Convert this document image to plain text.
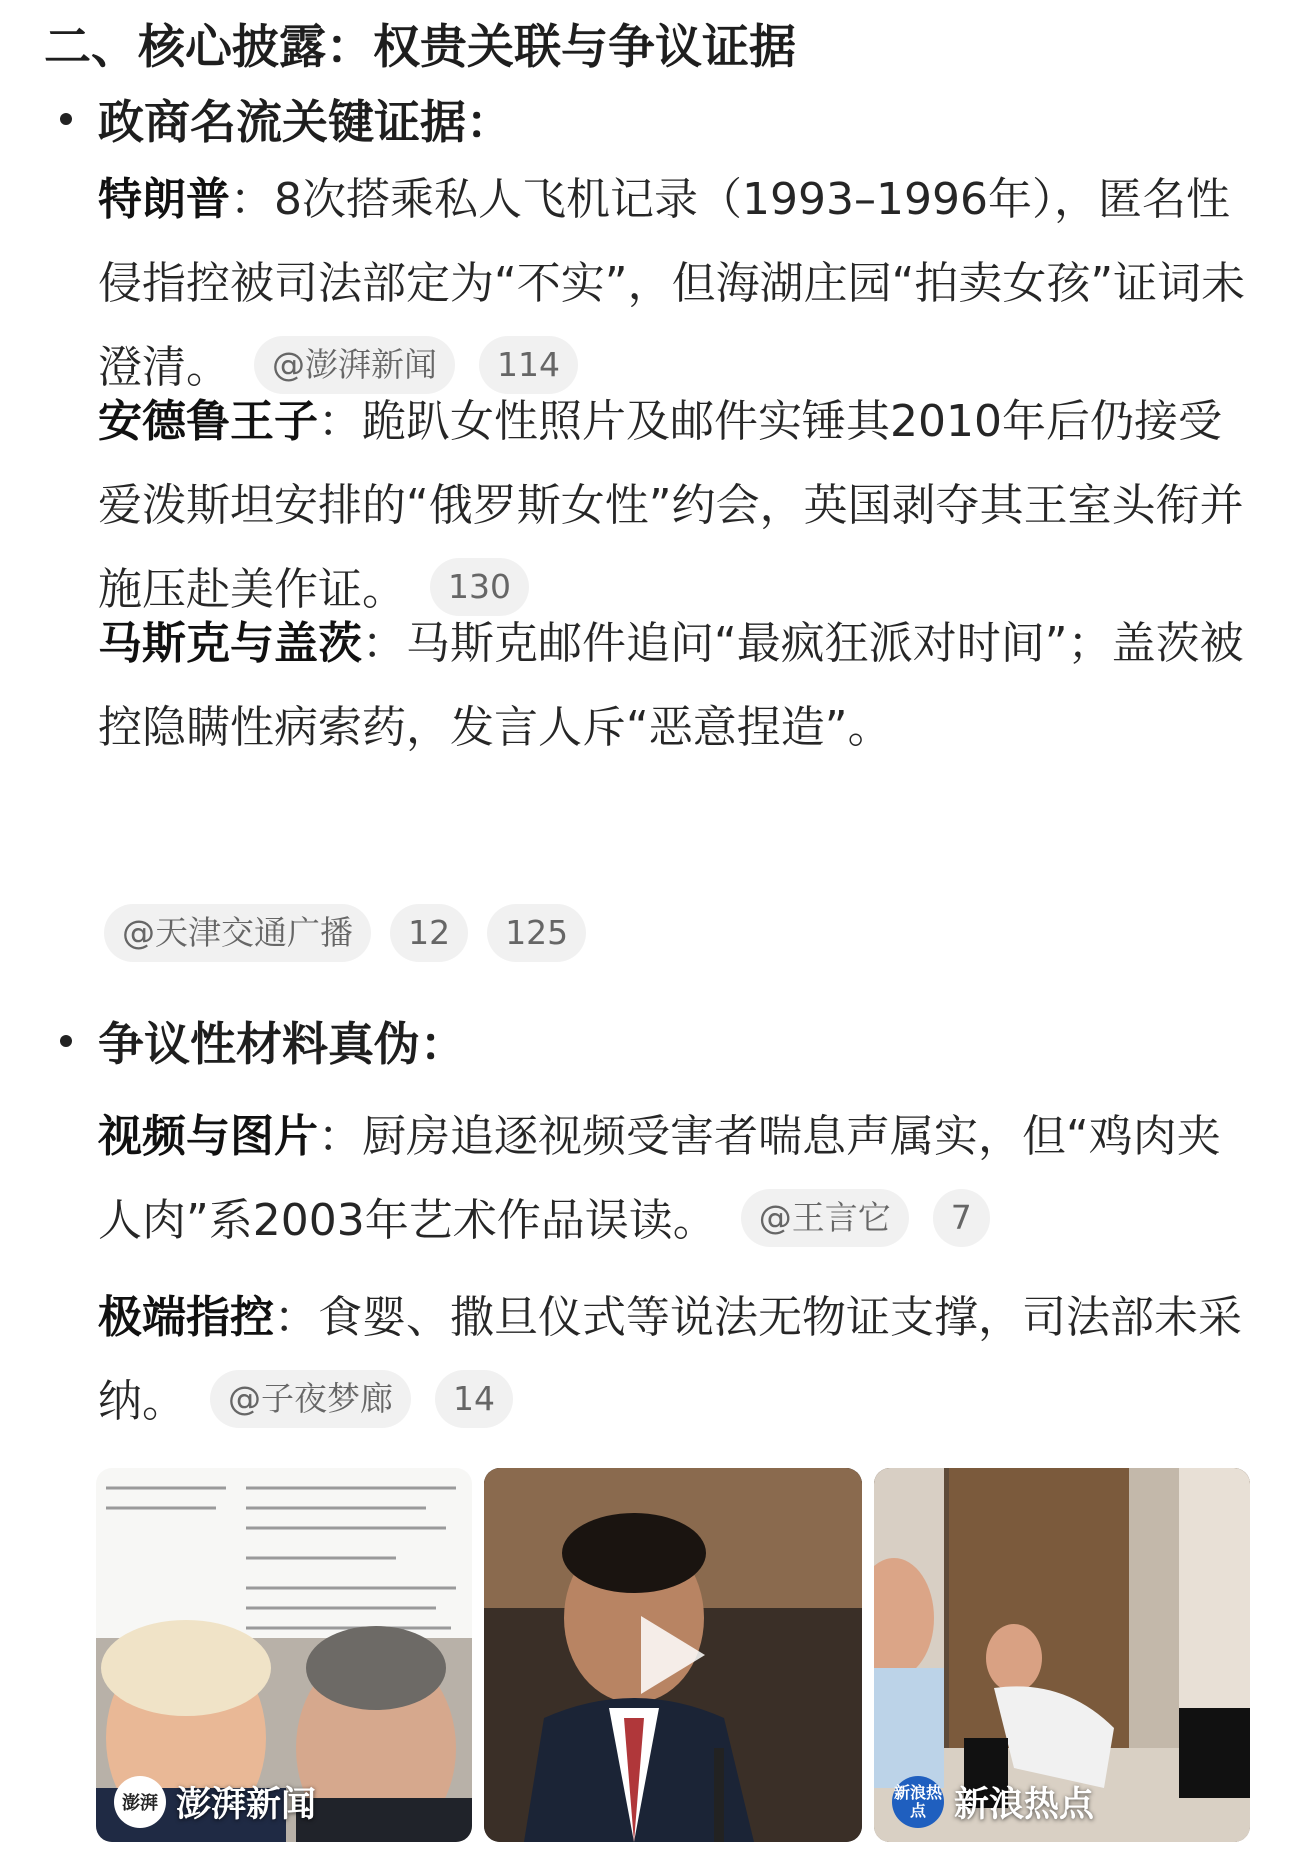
二、核心披露：权贵关联与争议证据
政商名流关键证据：
特朗普：8次搭乘私人飞机记录（1993–1996年），匿名性侵指控被司法部定为“不实”，但海湖庄园“拍卖女孩”证词未澄清。 @澎湃新闻 114
安德鲁王子：跪趴女性照片及邮件实锤其2010年后仍接受爱泼斯坦安排的“俄罗斯女性”约会，英国剥夺其王室头衔并施压赴美作证。 130
马斯克与盖茨：马斯克邮件追问“最疯狂派对时间”；盖茨被控隐瞒性病索药，发言人斥“恶意捏造”。
@天津交通广播 12 125
争议性材料真伪：
视频与图片：厨房追逐视频受害者喘息声属实，但“鸡肉夹人肉”系2003年艺术作品误读。 @王言它 7
极端指控：食婴、撒旦仪式等说法无物证支撑，司法部未采纳。 @子夜梦廊 14
澎湃 澎湃新闻	新浪热点 新浪热点
